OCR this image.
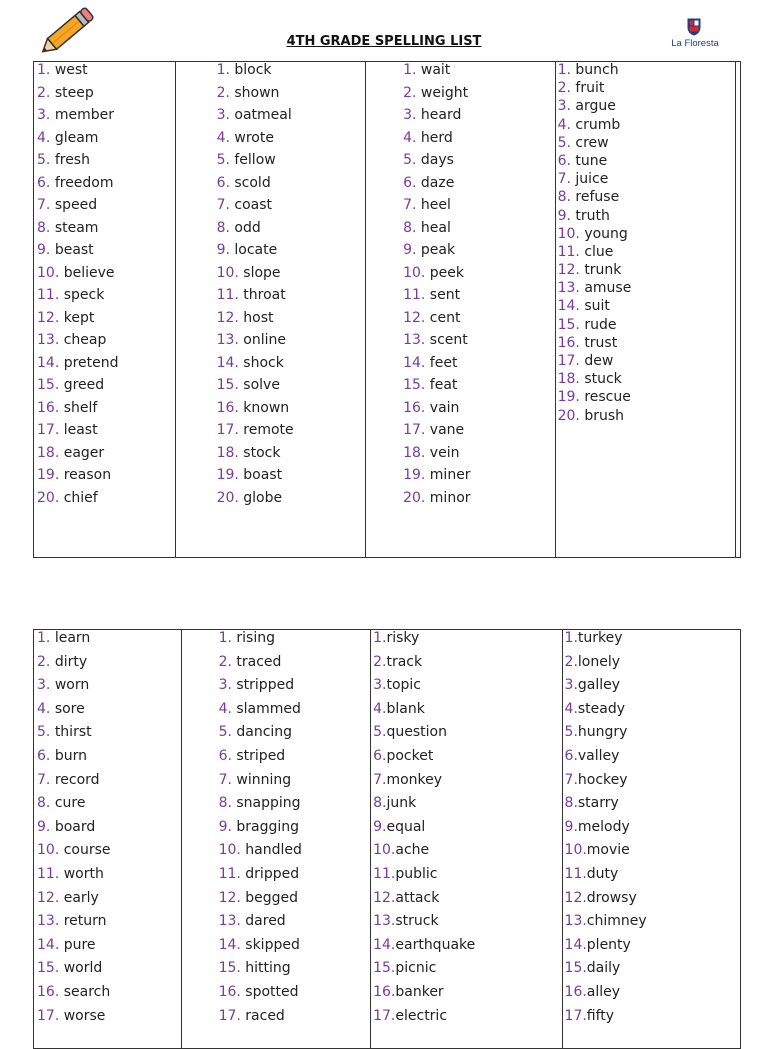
4TH GRADE SPELLING LIST	La Floresta
1. west
2. steep
3. member
4. gleam
5. fresh
6. freedom
7. speed
8. steam
9. beast
10. believe
11. speck
12. kept
13. cheap
14. pretend
15. greed
16. shelf
17. least
18. eager
19. reason
20. chief
1. block
2. shown
3. oatmeal
4. wrote
5. fellow
6. scold
7. coast
8. odd
9. locate
10. slope
11. throat
12. host
13. online
14. shock
15. solve
16. known
17. remote
18. stock
19. boast
20. globe
1. wait
2. weight
3. heard
4. herd
5. days
6. daze
7. heel
8. heal
9. peak
10. peek
11. sent
12. cent
13. scent
14. feet
15. feat
16. vain
17. vane
18. vein
19. miner
20. minor
1. bunch
2. fruit
3. argue
4. crumb
5. crew
6. tune
7. juice
8. refuse
9. truth
10. young
11. clue
12. trunk
13. amuse
14. suit
15. rude
16. trust
17. dew
18. stuck
19. rescue
20. brush
1. learn
2. dirty
3. worn
4. sore
5. thirst
6. burn
7. record
8. cure
9. board
10. course
11. worth
12. early
13. return
14. pure
15. world
16. search
17. worse
1. rising
2. traced
3. stripped
4. slammed
5. dancing
6. striped
7. winning
8. snapping
9. bragging
10. handled
11. dripped
12. begged
13. dared
14. skipped
15. hitting
16. spotted
17. raced
1.risky
2.track
3.topic
4.blank
5.question
6.pocket
7.monkey
8.junk
9.equal
10.ache
11.public
12.attack
13.struck
14.earthquake
15.picnic
16.banker
17.electric
1.turkey
2.lonely
3.galley
4.steady
5.hungry
6.valley
7.hockey
8.starry
9.melody
10.movie
11.duty
12.drowsy
13.chimney
14.plenty
15.daily
16.alley
17.fifty
